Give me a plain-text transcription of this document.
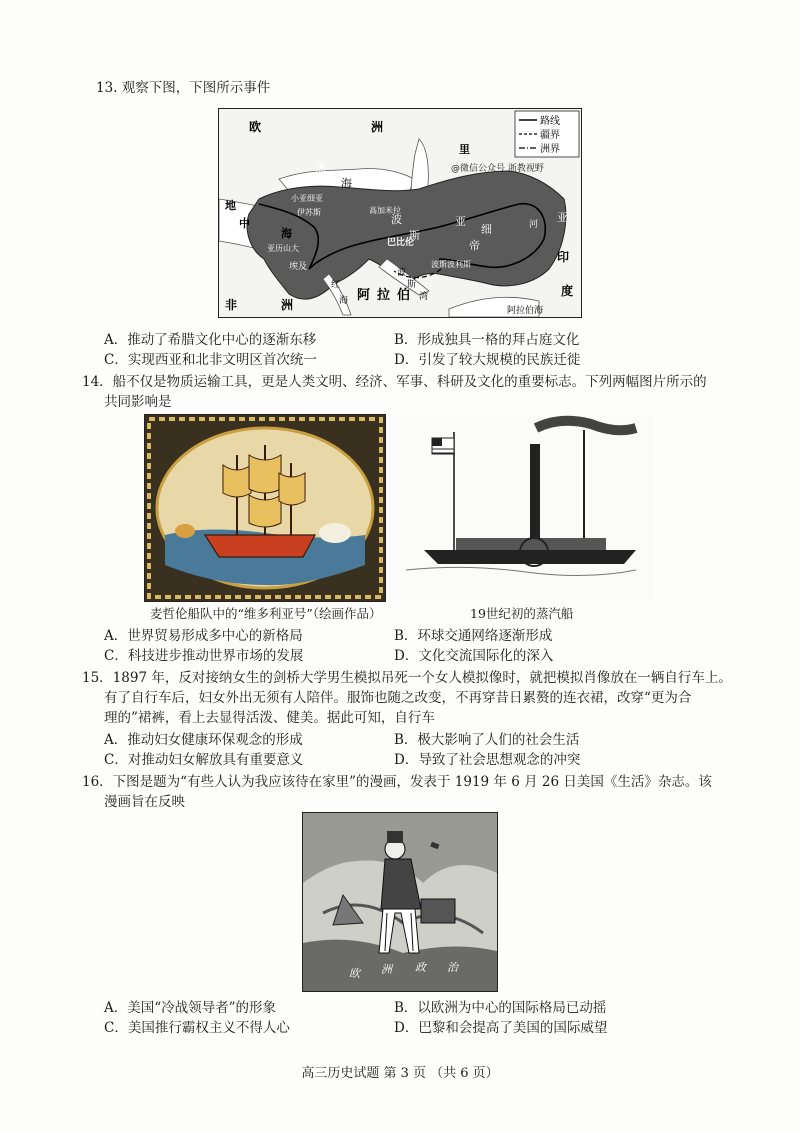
13. 观察下图，下图所示事件
路线
疆界
洲界
@微信公众号 浙教视野
欧	洲
里
黑
海
地
中
海
亚
细
亚
小亚细亚
伊苏斯	高加米拉
巴比伦
亚历山大
埃及	波斯波利斯
波
斯
湾
红
海 阿 拉 伯
非	洲
印
度
河
阿拉伯海
波
斯
帝
A．推动了希腊文化中心的逐渐东移	B．形成独具一格的拜占庭文化
C．实现西亚和北非文明区首次统一	D．引发了较大规模的民族迁徙
14．船不仅是物质运输工具，更是人类文明、经济、军事、科研及文化的重要标志。下列两幅图片所示的
共同影响是
麦哲伦船队中的“维多利亚号”（绘画作品）	19世纪初的蒸汽船
A．世界贸易形成多中心的新格局	B．环球交通网络逐渐形成
C．科技进步推动世界市场的发展	D．文化交流国际化的深入
15．1897 年，反对接纳女生的剑桥大学男生模拟吊死一个女人模拟像时，就把模拟肖像放在一辆自行车上。
有了自行车后，妇女外出无须有人陪伴。服饰也随之改变，不再穿昔日累赘的连衣裙，改穿“更为合
理的”裙裤，看上去显得活泼、健美。据此可知，自行车
A．推动妇女健康环保观念的形成	B．极大影响了人们的社会生活
C．对推动妇女解放具有重要意义	D．导致了社会思想观念的冲突
16．下图是题为“有些人认为我应该待在家里”的漫画，发表于 1919 年 6 月 26 日美国《生活》杂志。该
漫画旨在反映
欧 洲 政 治
A．美国“冷战领导者”的形象	B．以欧洲为中心的国际格局已动摇
C．美国推行霸权主义不得人心	D．巴黎和会提高了美国的国际威望
高三历史试题 第 3 页 （共 6 页）
